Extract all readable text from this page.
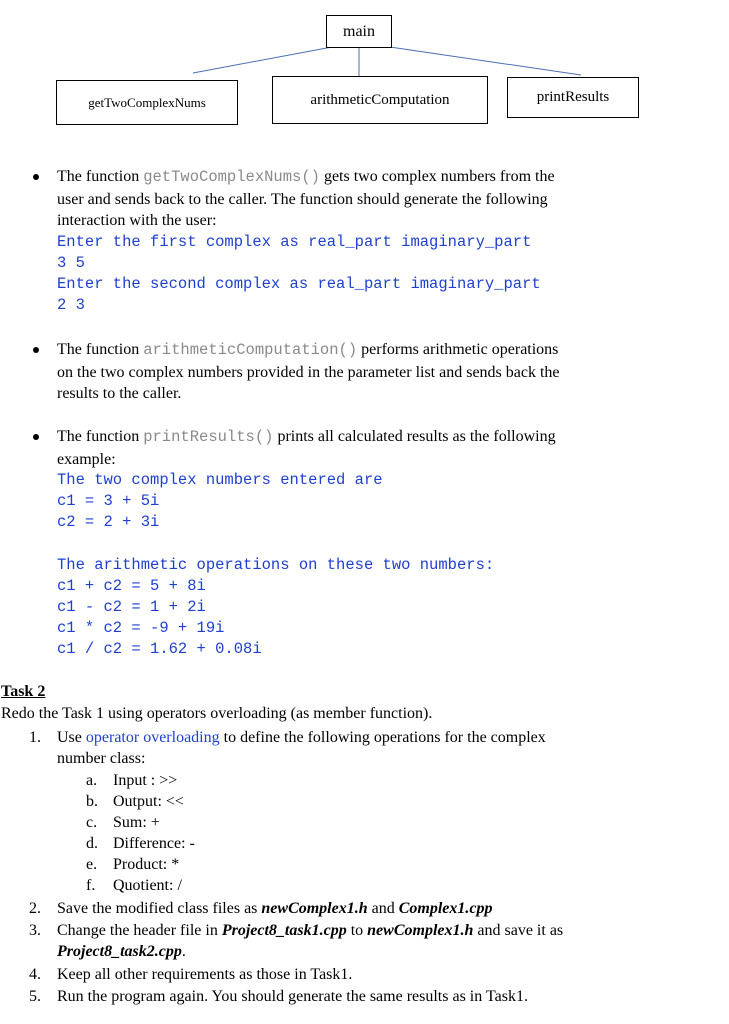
main
getTwoComplexNums	arithmeticComputation	printResults
The function getTwoComplexNums() gets two complex numbers from the
user and sends back to the caller. The function should generate the following
interaction with the user:
Enter the first complex as real_part imaginary_part
3 5
Enter the second complex as real_part imaginary_part
2 3
The function arithmeticComputation() performs arithmetic operations
on the two complex numbers provided in the parameter list and sends back the
results to the caller.
The function printResults() prints all calculated results as the following
example:
The two complex numbers entered are
c1 = 3 + 5i
c2 = 2 + 3i
The arithmetic operations on these two numbers:
c1 + c2 = 5 + 8i
c1 - c2 = 1 + 2i
c1 * c2 = -9 + 19i
c1 / c2 = 1.62 + 0.08i
Task 2
Redo the Task 1 using operators overloading (as member function).
1. Use operator overloading to define the following operations for the complex
number class:
a. Input : >>
b. Output: <<
c. Sum: +
d. Difference: -
e. Product: *
f. Quotient: /
2. Save the modified class files as newComplex1.h and Complex1.cpp
3. Change the header file in Project8_task1.cpp to newComplex1.h and save it as
Project8_task2.cpp.
4. Keep all other requirements as those in Task1.
5. Run the program again. You should generate the same results as in Task1.
